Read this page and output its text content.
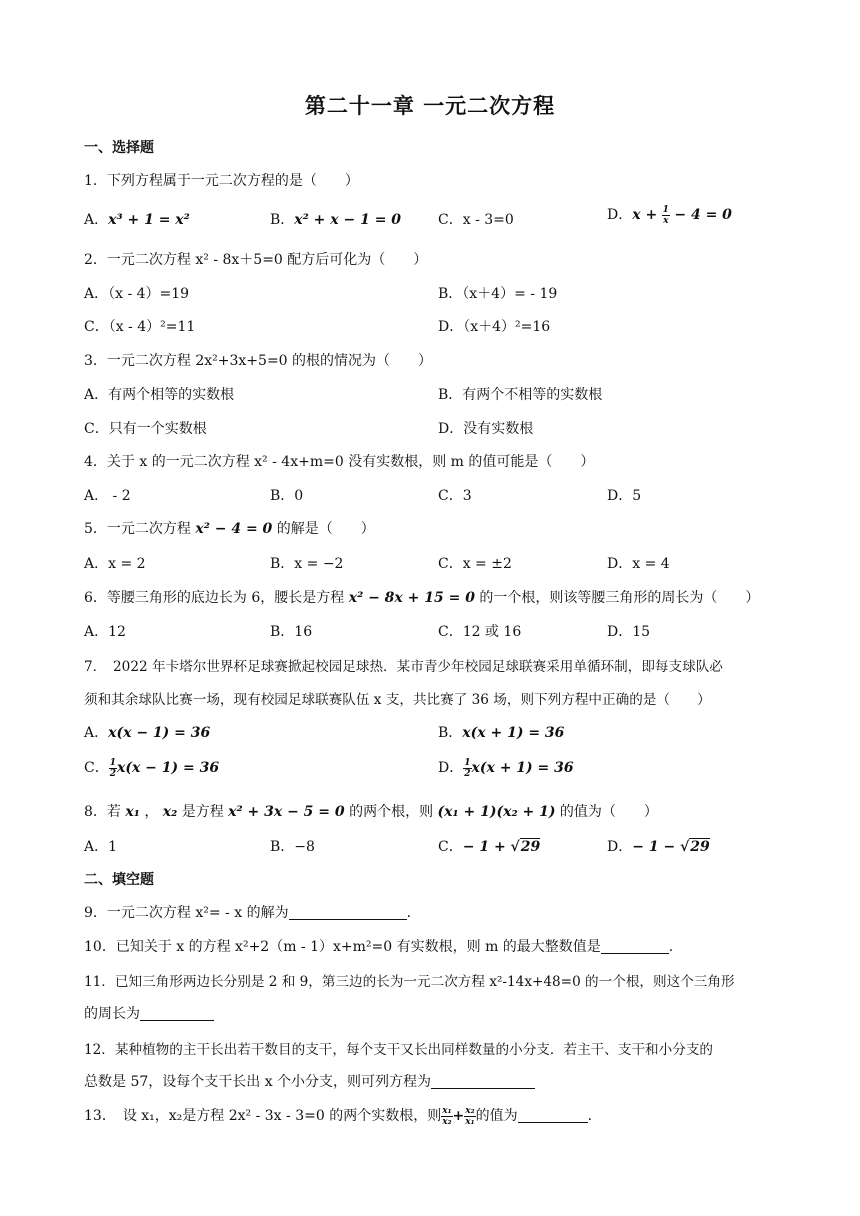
第二十一章 一元二次方程
一、选择题
1．下列方程属于一元二次方程的是（　　）
A．x³ + 1 = x²	B．x² + x − 1 = 0	C．x - 3=0	D．$x + \frac{1}{x} - 4 = 0$
2．一元二次方程 x² - 8x＋5=0 配方后可化为（　　）
A．（x - 4）=19	B．（x＋4）= - 19
C．（x - 4）²=11	D．（x＋4）²=16
3．一元二次方程 2x²+3x+5=0 的根的情况为（　　）
A．有两个相等的实数根	B．有两个不相等的实数根
C．只有一个实数根	D．没有实数根
4．关于 x 的一元二次方程 x² - 4x+m=0 没有实数根，则 m 的值可能是（　　）
A． - 2	B．0	C．3	D．5
5．一元二次方程 x² − 4 = 0 的解是（　　）
A．x = 2	B．x = −2	C．x = ±2	D．x = 4
6．等腰三角形的底边长为 6，腰长是方程 x² − 8x + 15 = 0 的一个根，则该等腰三角形的周长为（　　）
A．12	B．16	C．12 或 16	D．15
7．　2022 年卡塔尔世界杯足球赛掀起校园足球热．某市青少年校园足球联赛采用单循环制，即每支球队必
须和其余球队比赛一场，现有校园足球联赛队伍 x 支，共比赛了 36 场，则下列方程中正确的是（　　）
A．x(x − 1) = 36	B．x(x + 1) = 36
C． $\frac{1}{2} x(x - 1) = 36$	D． $\frac{1}{2} x(x + 1) = 36$
8．若 x₁ ， x₂ 是方程 x² + 3x − 5 = 0 的两个根，则 (x₁ + 1)(x₂ + 1) 的值为（　　）
A．1	B．−8	C．− 1 + √29	D．− 1 − √29
二、填空题
9．一元二次方程 x²= - x 的解为	.
10．已知关于 x 的方程 x²+2（m - 1）x+m²=0 有实数根，则 m 的最大整数值是	.
11．已知三角形两边长分别是 2 和 9，第三边的长为一元二次方程 x²-14x+48=0 的一个根，则这个三角形
的周长为
12．某种植物的主干长出若干数目的支干，每个支干又长出同样数量的小分支．若主干、支干和小分支的
总数是 57，设每个支干长出 x 个小分支，则可列方程为
13．　设 x₁，x₂是方程 2x² - 3x - 3=0 的两个实数根，则 $\frac{\text{x₁}}{\text{x₂}} + \frac{\text{x₂}}{\text{x₁}}$ 的值为	.
